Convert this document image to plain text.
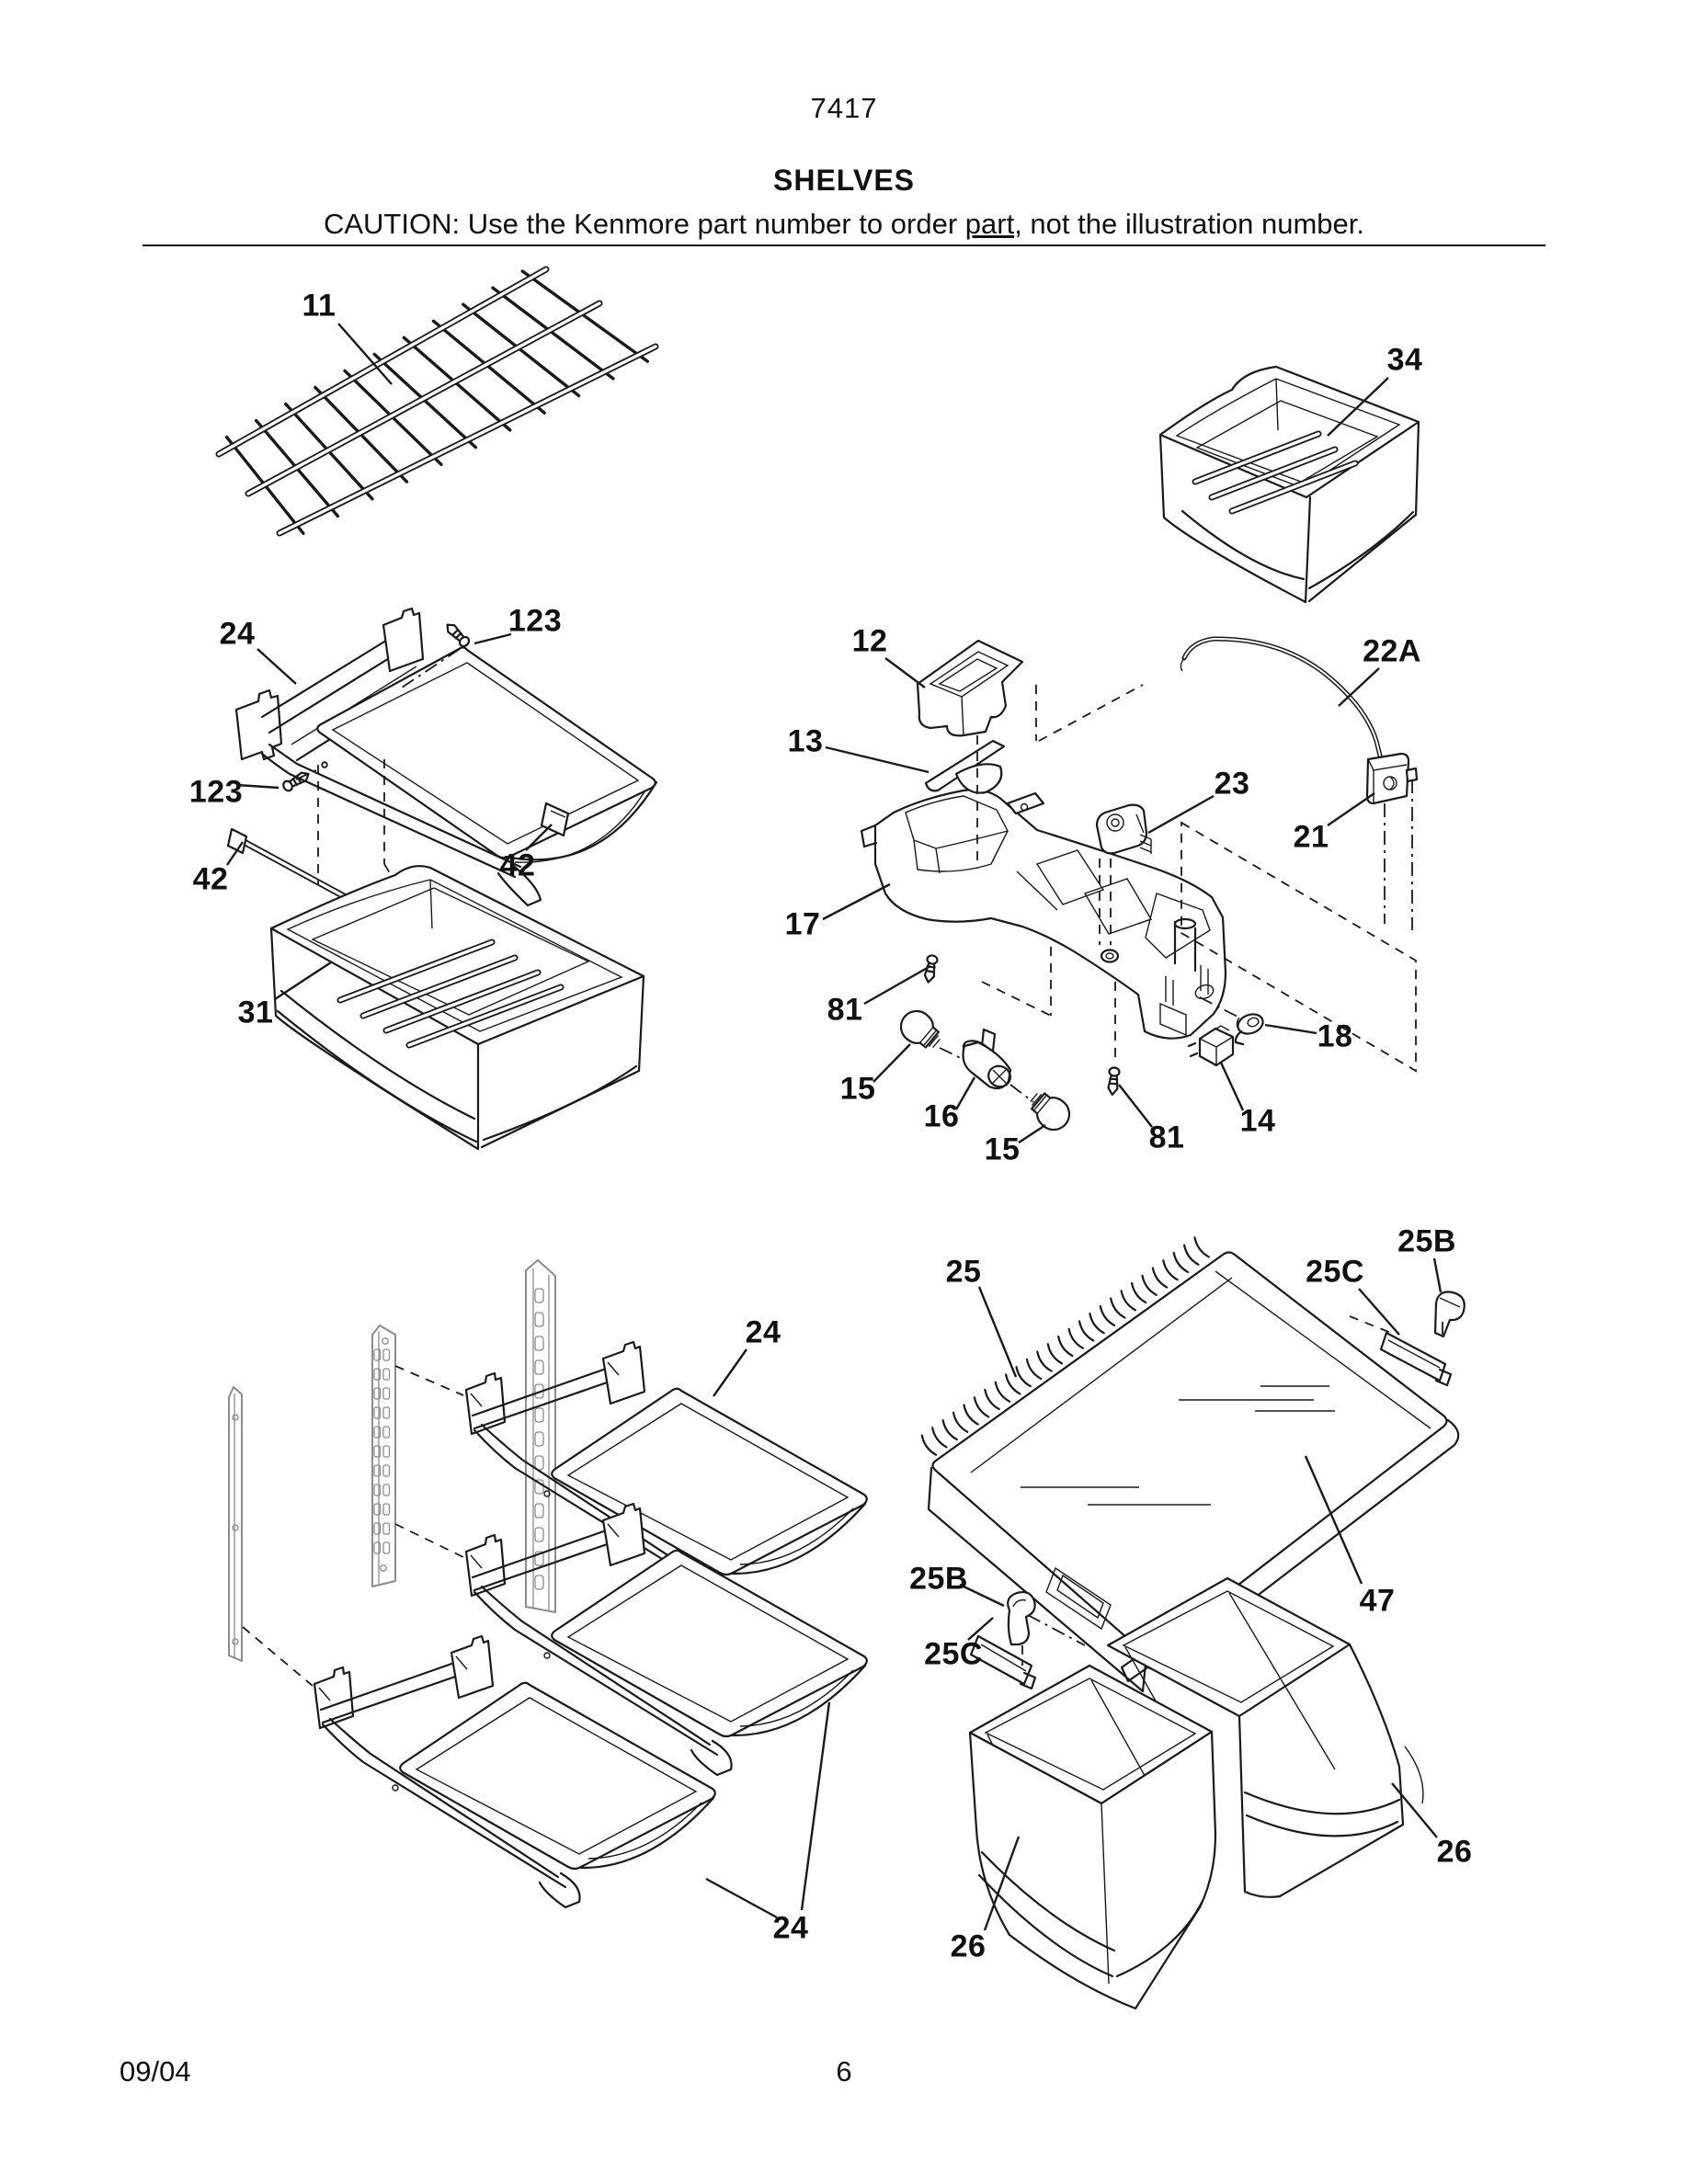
7417
SHELVES
CAUTION: Use the Kenmore part number to order part, not the illustration number.
11
34
24	123
123
42	42
31
12
13
22A
23
21
17
81
15
16
15	81 14
18
25	25C
25B
47
25B
25C
24
24
26
26
09/04	6
